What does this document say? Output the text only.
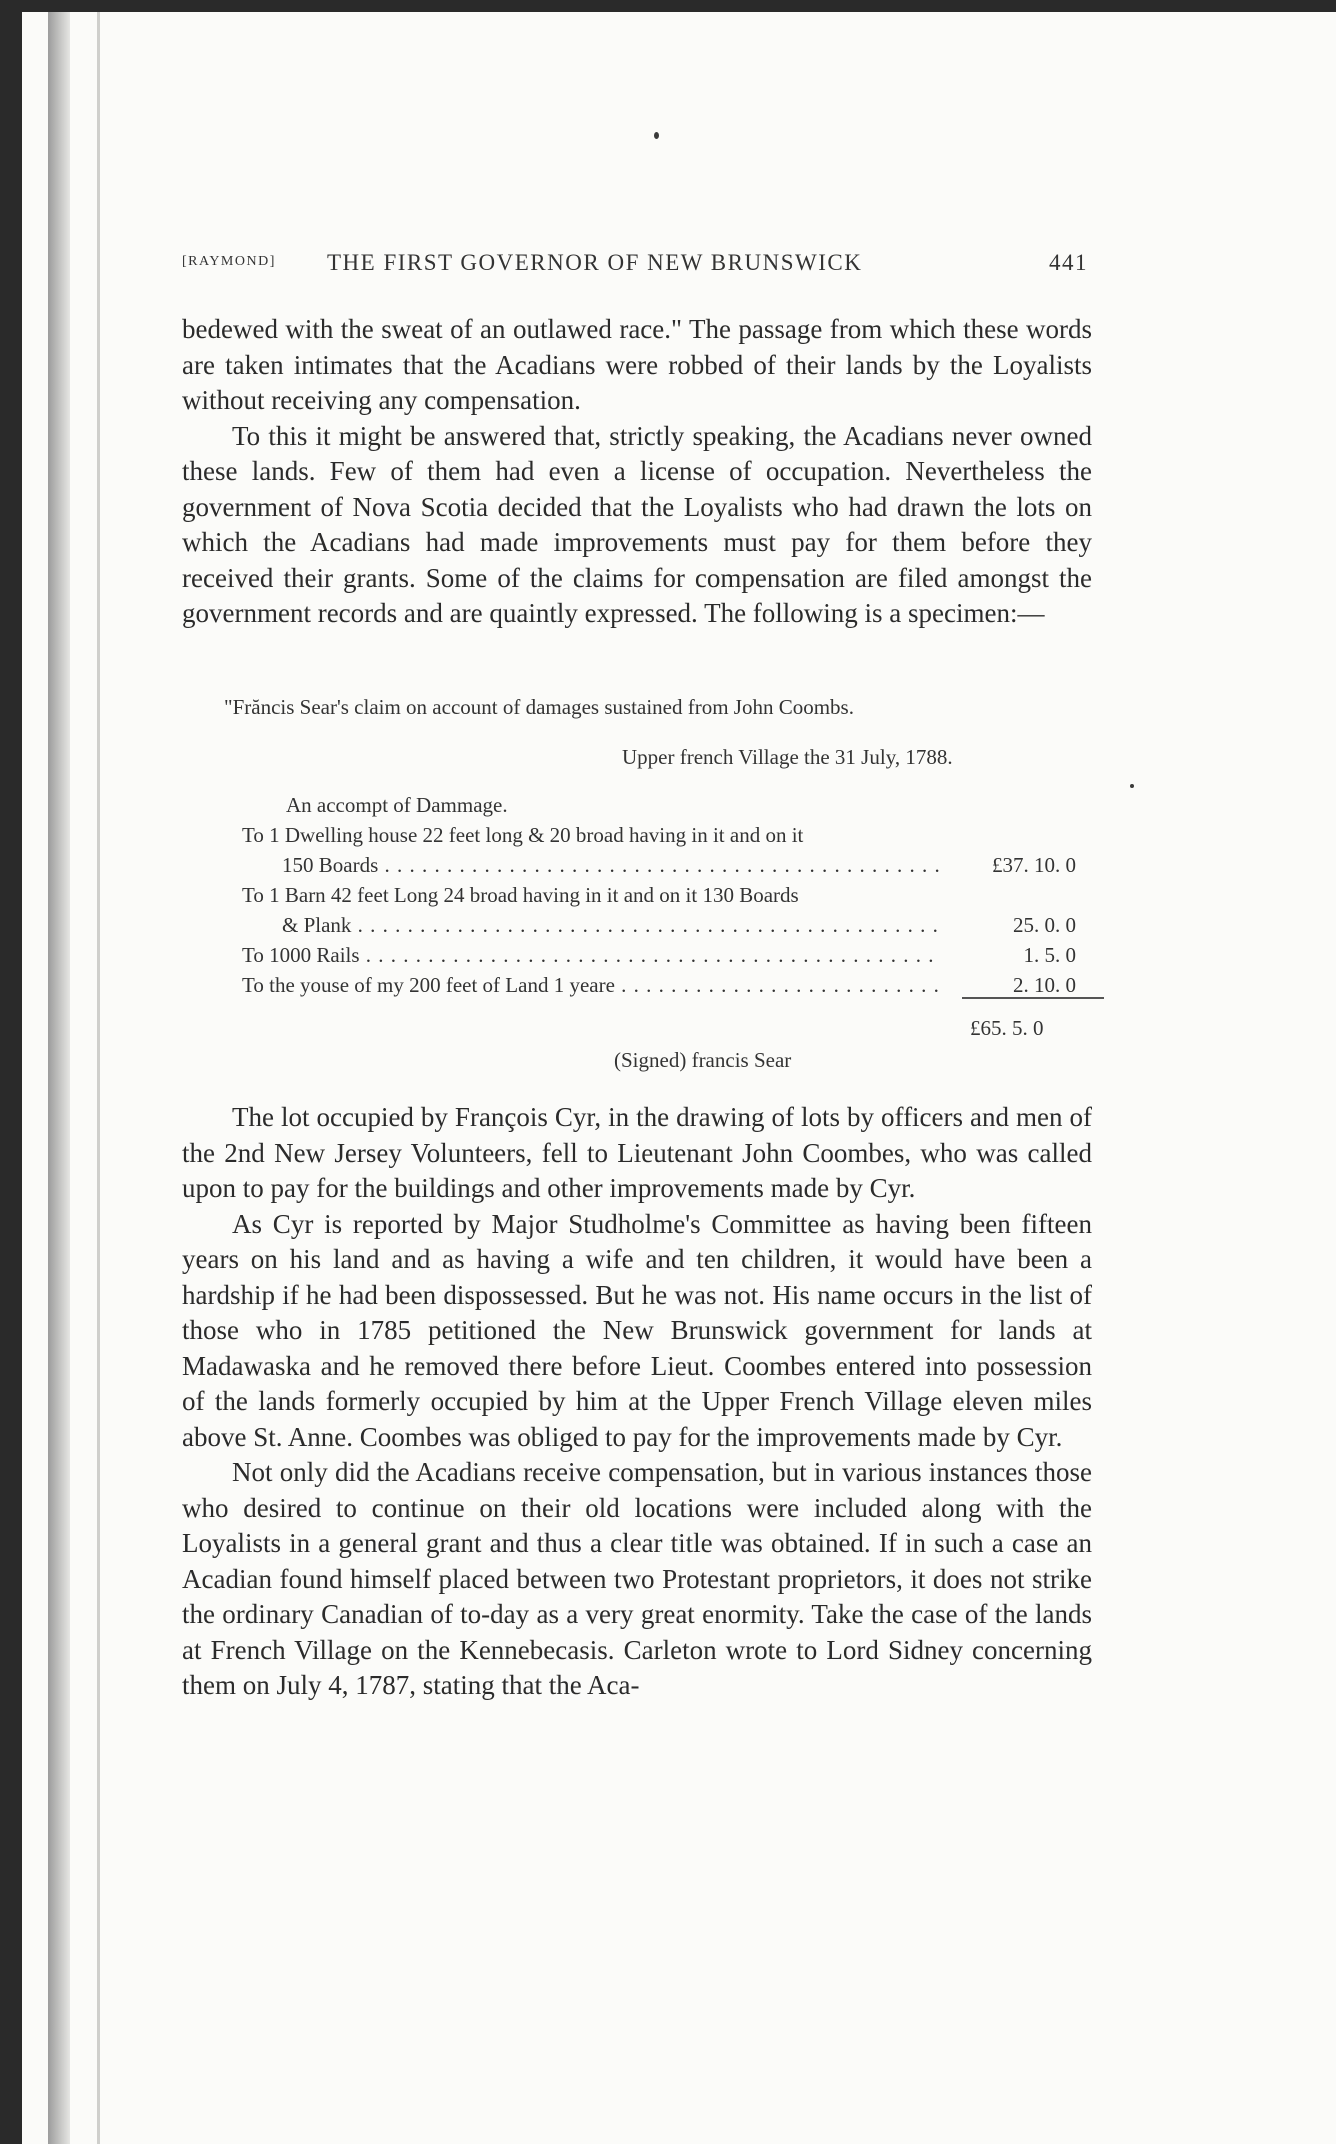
[RAYMOND] THE FIRST GOVERNOR OF NEW BRUNSWICK	441

bedewed with the sweat of an outlawed race." The passage from which these words are taken intimates that the Acadians were robbed of their lands by the Loyalists without receiving any compensation.

To this it might be answered that, strictly speaking, the Acadians never owned these lands. Few of them had even a license of occupation. Nevertheless the government of Nova Scotia decided that the Loyalists who had drawn the lots on which the Acadians had made improvements must pay for them before they received their grants. Some of the claims for compensation are filed amongst the government records and are quaintly expressed. The following is a specimen:—

"Frăncis Sear's claim on account of damages sustained from John Coombs.
Upper french Village the 31 July, 1788.
An accompt of Dammage.
To 1 Dwelling house 22 feet long & 20 broad having in it and on it
150 Boards . . .	£37. 10. 0
To 1 Barn 42 feet Long 24 broad having in it and on it 130 Boards
& Plank . . .	25. 0. 0
To 1000 Rails . . .	1. 5. 0
To the youse of my 200 feet of Land 1 yeare . . .	2. 10. 0
£65. 5. 0
(Signed) francis Sear

The lot occupied by François Cyr, in the drawing of lots by officers and men of the 2nd New Jersey Volunteers, fell to Lieutenant John Coombes, who was called upon to pay for the buildings and other improvements made by Cyr.

As Cyr is reported by Major Studholme's Committee as having been fifteen years on his land and as having a wife and ten children, it would have been a hardship if he had been dispossessed. But he was not. His name occurs in the list of those who in 1785 petitioned the New Brunswick government for lands at Madawaska and he removed there before Lieut. Coombes entered into possession of the lands formerly occupied by him at the Upper French Village eleven miles above St. Anne. Coombes was obliged to pay for the improvements made by Cyr.

Not only did the Acadians receive compensation, but in various instances those who desired to continue on their old locations were included along with the Loyalists in a general grant and thus a clear title was obtained. If in such a case an Acadian found himself placed between two Protestant proprietors, it does not strike the ordinary Canadian of to-day as a very great enormity. Take the case of the lands at French Village on the Kennebecasis. Carleton wrote to Lord Sidney concerning them on July 4, 1787, stating that the Aca-
